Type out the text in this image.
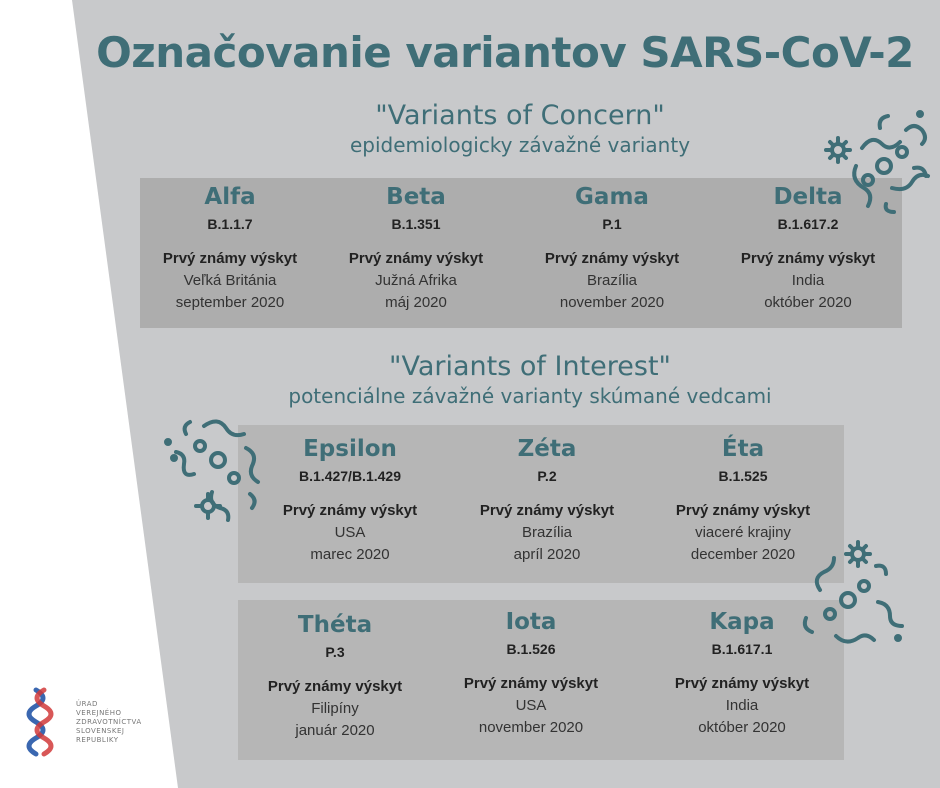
Označovanie variantov SARS-CoV-2
"Variants of Concern"
epidemiologicky závažné varianty
Alfa
B.1.1.7
Prvý známy výskyt
Veľká Británia
september 2020
Beta
B.1.351
Prvý známy výskyt
Južná Afrika
máj 2020
Gama
P.1
Prvý známy výskyt
Brazília
november 2020
Delta
B.1.617.2
Prvý známy výskyt
India
október 2020
"Variants of Interest"
potenciálne závažné varianty skúmané vedcami
Epsilon
B.1.427/B.1.429
Prvý známy výskyt
USA
marec 2020
Zéta
P.2
Prvý známy výskyt
Brazília
apríl 2020
Éta
B.1.525
Prvý známy výskyt
viaceré krajiny
december 2020
Théta
P.3
Prvý známy výskyt
Filipíny
január 2020
Iota
B.1.526
Prvý známy výskyt
USA
november 2020
Kapa
B.1.617.1
Prvý známy výskyt
India
október 2020
ÚRAD
VEREJNÉHO
ZDRAVOTNÍCTVA
SLOVENSKEJ
REPUBLIKY
